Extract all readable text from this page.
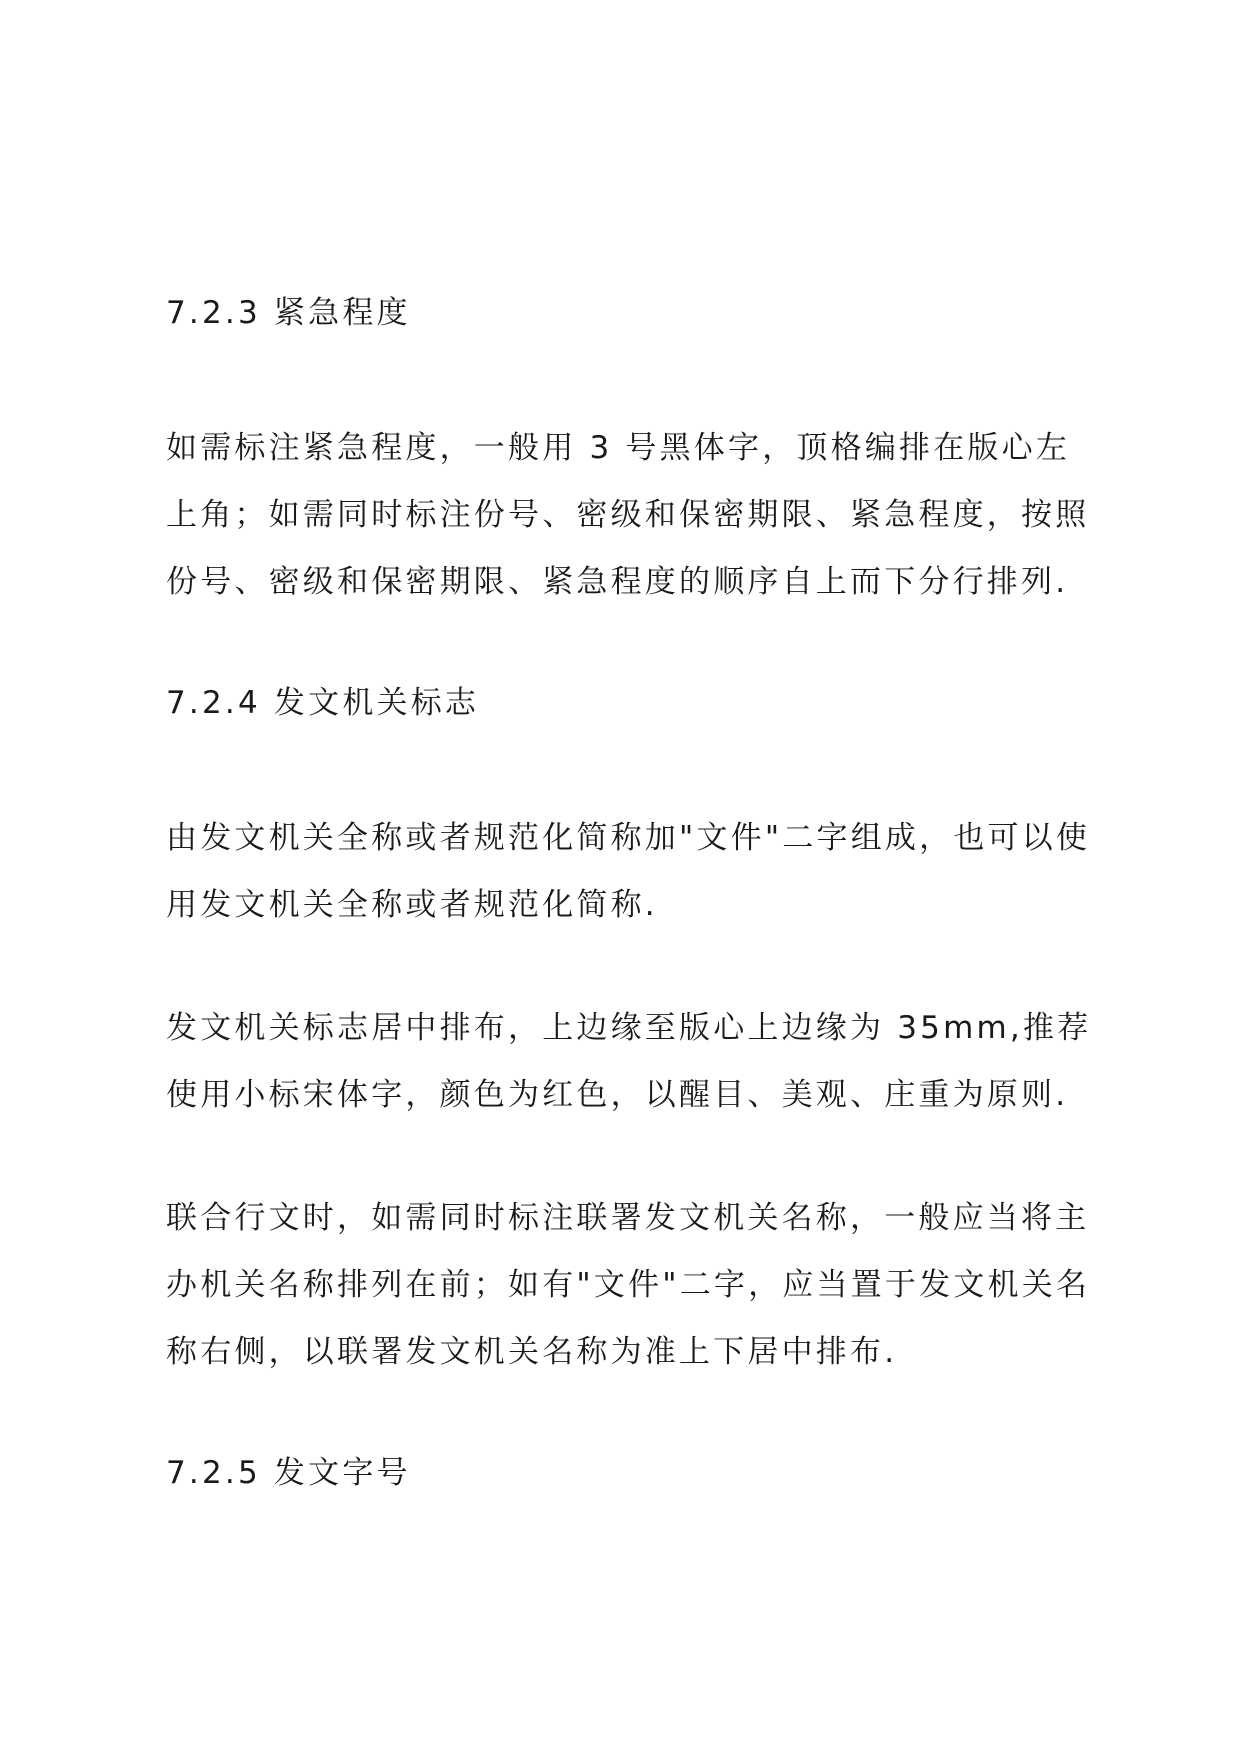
7.2.3 紧急程度

如需标注紧急程度，一般用 3 号黑体字，顶格编排在版心左上角；如需同时标注份号、密级和保密期限、紧急程度，按照份号、密级和保密期限、紧急程度的顺序自上而下分行排列.

7.2.4 发文机关标志

由发文机关全称或者规范化简称加"文件"二字组成，也可以使用发文机关全称或者规范化简称.

发文机关标志居中排布，上边缘至版心上边缘为 35mm,推荐使用小标宋体字，颜色为红色，以醒目、美观、庄重为原则.

联合行文时，如需同时标注联署发文机关名称，一般应当将主办机关名称排列在前；如有"文件"二字，应当置于发文机关名称右侧，以联署发文机关名称为准上下居中排布.

7.2.5 发文字号
